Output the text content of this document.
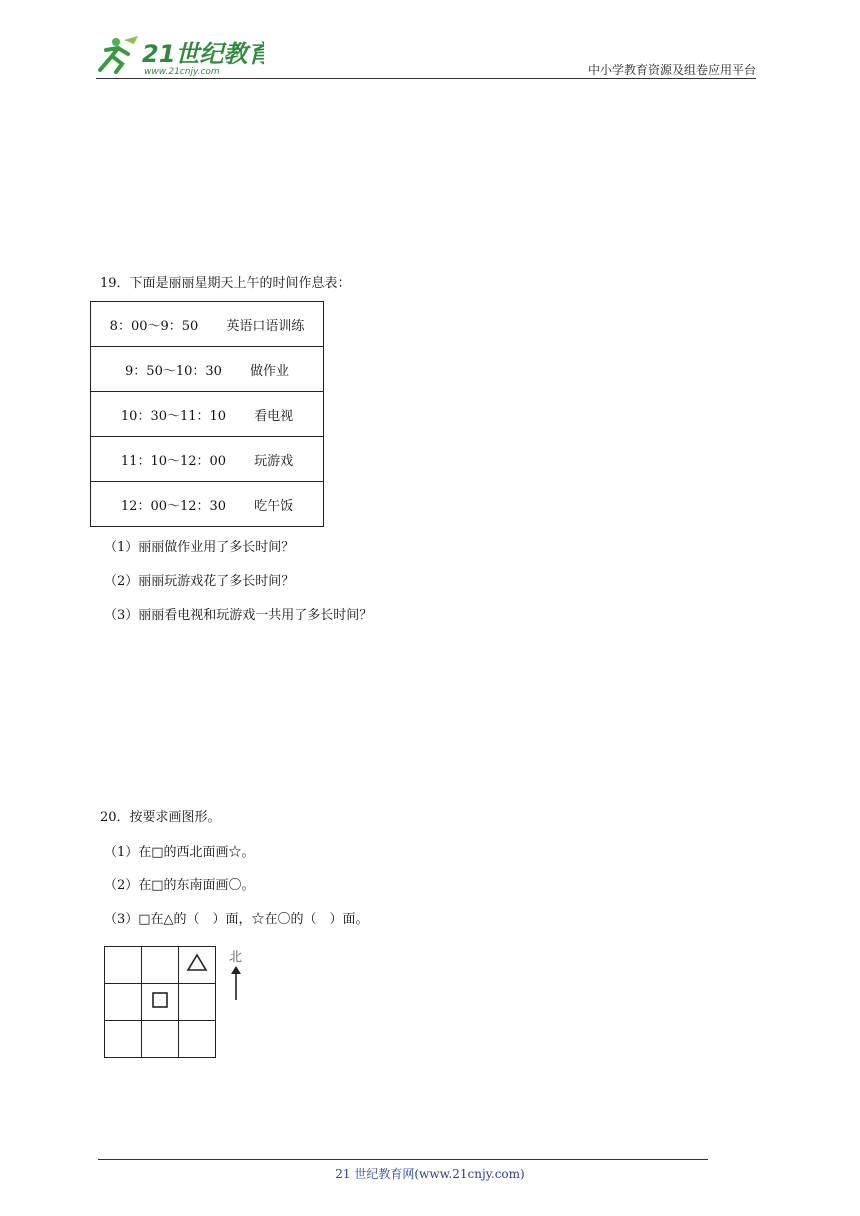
21世纪教育
www.21cnjy.com	中小学教育资源及组卷应用平台
19．下面是丽丽星期天上午的时间作息表：
8：00～9：50 英语口语训练
9：50～10：30 做作业
10：30～11：10 看电视
11：10～12：00 玩游戏
12：00～12：30 吃午饭
（1）丽丽做作业用了多长时间？
（2）丽丽玩游戏花了多长时间？
（3）丽丽看电视和玩游戏一共用了多长时间？
20．按要求画图形。
（1）在□的西北面画☆。
（2）在□的东南面画〇。
（3）□在△的（　）面，☆在〇的（　）面。

北
21 世纪教育网(www.21cnjy.com)
